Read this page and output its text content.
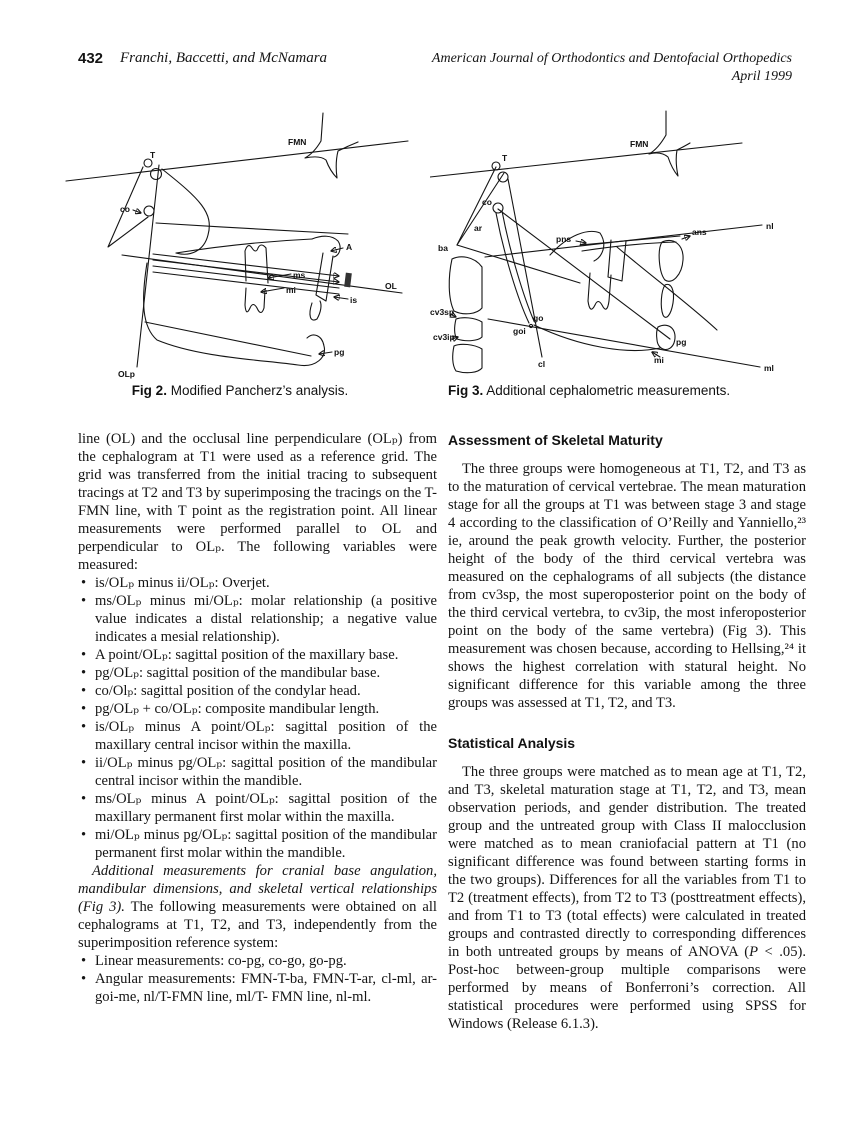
432 Franchi, Baccetti, and McNamara	American Journal of Orthodontics and Dentofacial Orthopedics
April 1999
FMN
T
co
A
OL
OLp
is
pg
ms
mi
FMN
T
co
ar
ba
nl
pns
ans
cv3sp
cv3ip
go
goi
cl
pg
mi
ml
Fig 2. Modified Pancherz’s analysis.	Fig 3. Additional cephalometric measurements.

line (OL) and the occlusal line perpendiculare (OLₚ) from the cephalogram at T1 were used as a reference grid. The grid was transferred from the initial tracing to subsequent tracings at T2 and T3 by superimposing the tracings on the T-FMN line, with T point as the registration point. All linear measurements were performed parallel to OL and perpendicular to OLₚ. The following variables were measured:

• is/OLₚ minus ii/OLₚ: Overjet.
• ms/OLₚ minus mi/OLₚ: molar relationship (a positive value indicates a distal relationship; a negative value indicates a mesial relationship).
• A point/OLₚ: sagittal position of the maxillary base.
• pg/OLₚ: sagittal position of the mandibular base.
• co/Olₚ: sagittal position of the condylar head.
• pg/OLₚ + co/OLₚ: composite mandibular length.
• is/OLₚ minus A point/OLₚ: sagittal position of the maxillary central incisor within the maxilla.
• ii/OLₚ minus pg/OLₚ: sagittal position of the mandibular central incisor within the mandible.
• ms/OLₚ minus A point/OLₚ: sagittal position of the maxillary permanent first molar within the maxilla.
• mi/OLₚ minus pg/OLₚ: sagittal position of the mandibular permanent first molar within the mandible.

Additional measurements for cranial base angulation, mandibular dimensions, and skeletal vertical relationships (Fig 3). The following measurements were obtained on all cephalograms at T1, T2, and T3, independently from the superimposition reference system:

• Linear measurements: co-pg, co-go, go-pg.
• Angular measurements: FMN-T-ba, FMN-T-ar, cl-ml, ar-goi-me, nl/T-FMN line, ml/T- FMN line, nl-ml.
Assessment of Skeletal Maturity

The three groups were homogeneous at T1, T2, and T3 as to the maturation of cervical vertebrae. The mean maturation stage for all the groups at T1 was between stage 3 and stage 4 according to the classification of O’Reilly and Yanniello,²³ ie, around the peak growth velocity. Further, the posterior height of the body of the third cervical vertebra was measured on the cephalograms of all subjects (the distance from cv3sp, the most superoposterior point on the body of the third cervical vertebra, to cv3ip, the most inferoposterior point on the body of the same vertebra) (Fig 3). This measurement was chosen because, according to Hellsing,²⁴ it shows the highest correlation with statural height. No significant difference for this variable among the three groups was assessed at T1, T2, and T3.

Statistical Analysis

The three groups were matched as to mean age at T1, T2, and T3, skeletal maturation stage at T1, T2, and T3, mean observation periods, and gender distribution. The treated group and the untreated group with Class II malocclusion were matched as to mean craniofacial pattern at T1 (no significant difference was found between starting forms in the two groups). Differences for all the variables from T1 to T2 (treatment effects), from T2 to T3 (posttreatment effects), and from T1 to T3 (total effects) were calculated in treated groups and contrasted directly to corresponding differences in both untreated groups by means of ANOVA (P < .05). Post-hoc between-group multiple comparisons were performed by means of Bonferroni’s correction. All statistical procedures were performed using SPSS for Windows (Release 6.1.3).
